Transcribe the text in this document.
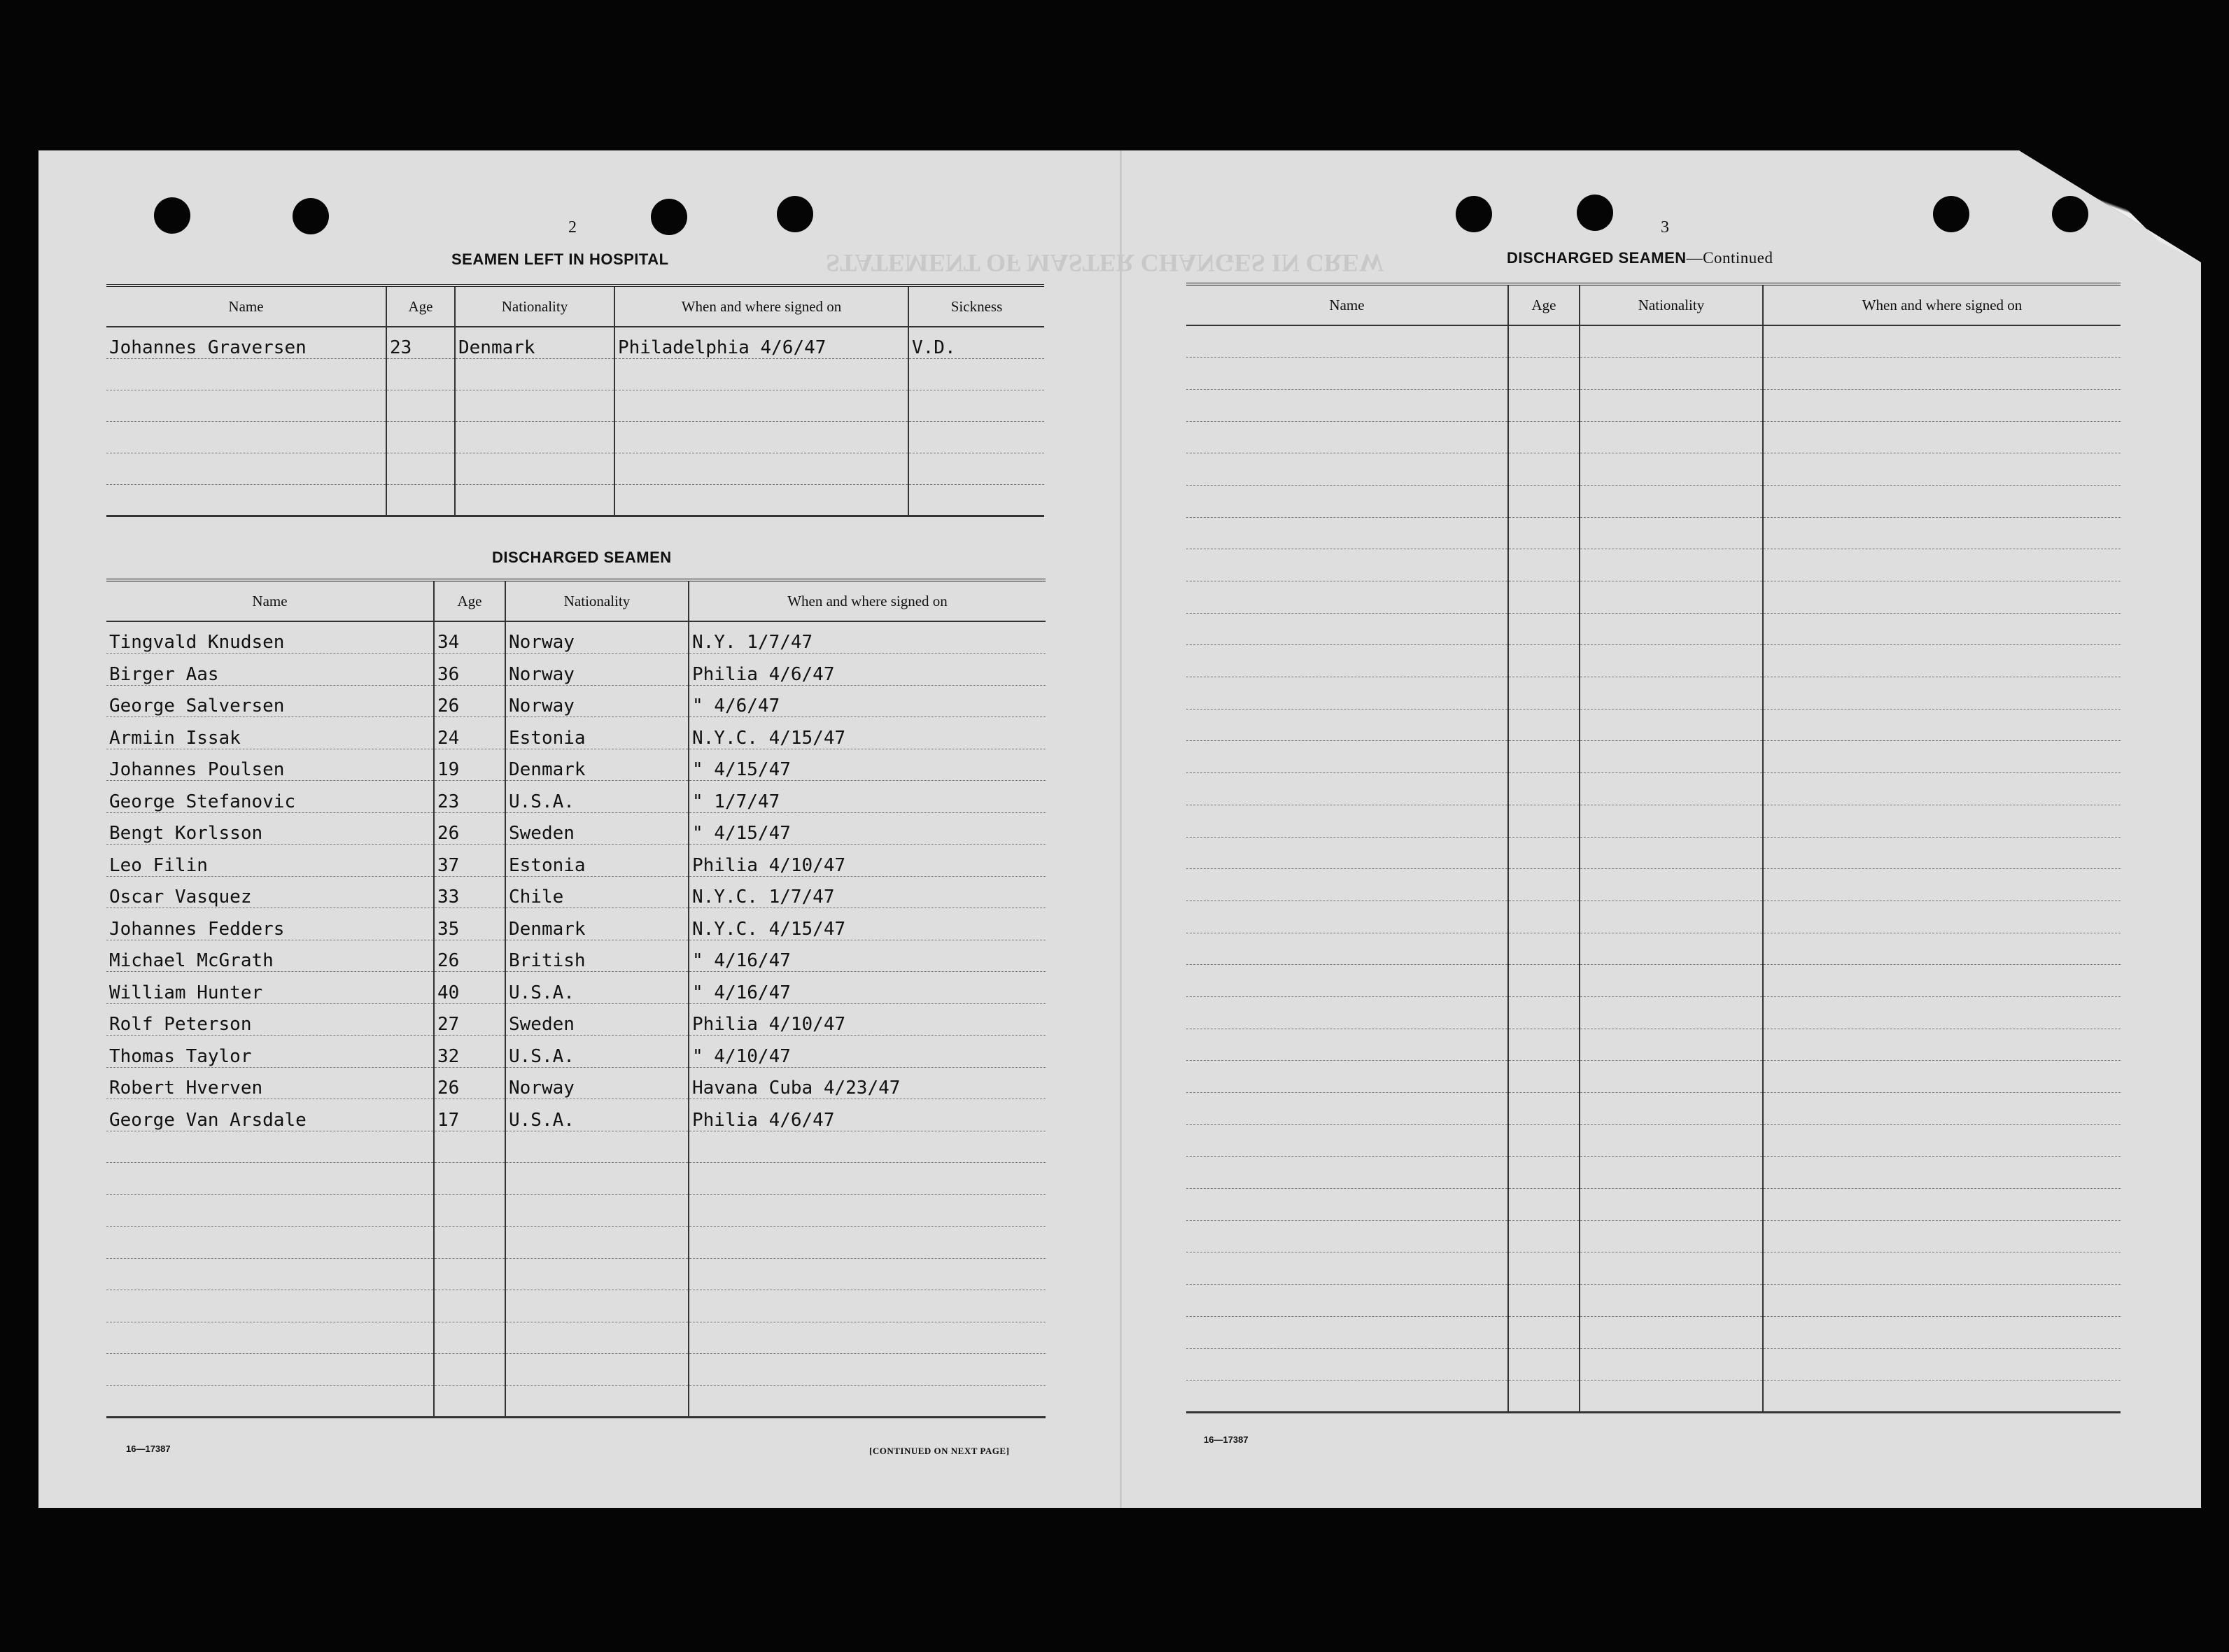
STATEMENT OF MASTER CHANGES IN CREW
2
SEAMEN LEFT IN HOSPITAL
Name	Age	Nationality	When and where signed on	Sickness
Johannes Graversen	23	Denmark	Philadelphia 4/6/47	V.D.

DISCHARGED SEAMEN
Name	Age	Nationality	When and where signed on
Tingvald Knudsen	34	Norway	N.Y. 1/7/47
Birger Aas	36	Norway	Philia 4/6/47
George Salversen	26	Norway	" 4/6/47
Armiin Issak	24	Estonia	N.Y.C. 4/15/47
Johannes Poulsen	19	Denmark	" 4/15/47
George Stefanovic	23	U.S.A.	" 1/7/47
Bengt Korlsson	26	Sweden	" 4/15/47
Leo Filin	37	Estonia	Philia 4/10/47
Oscar Vasquez	33	Chile	N.Y.C. 1/7/47
Johannes Fedders	35	Denmark	N.Y.C. 4/15/47
Michael McGrath	26	British	" 4/16/47
William Hunter	40	U.S.A.	" 4/16/47
Rolf Peterson	27	Sweden	Philia 4/10/47
Thomas Taylor	32	U.S.A.	" 4/10/47
Robert Hverven	26	Norway	Havana Cuba 4/23/47
George Van Arsdale	17	U.S.A.	Philia 4/6/47

16—17387	[CONTINUED ON NEXT PAGE]
3
DISCHARGED SEAMEN—Continued
Name	Age	Nationality	When and where signed on

16—17387
